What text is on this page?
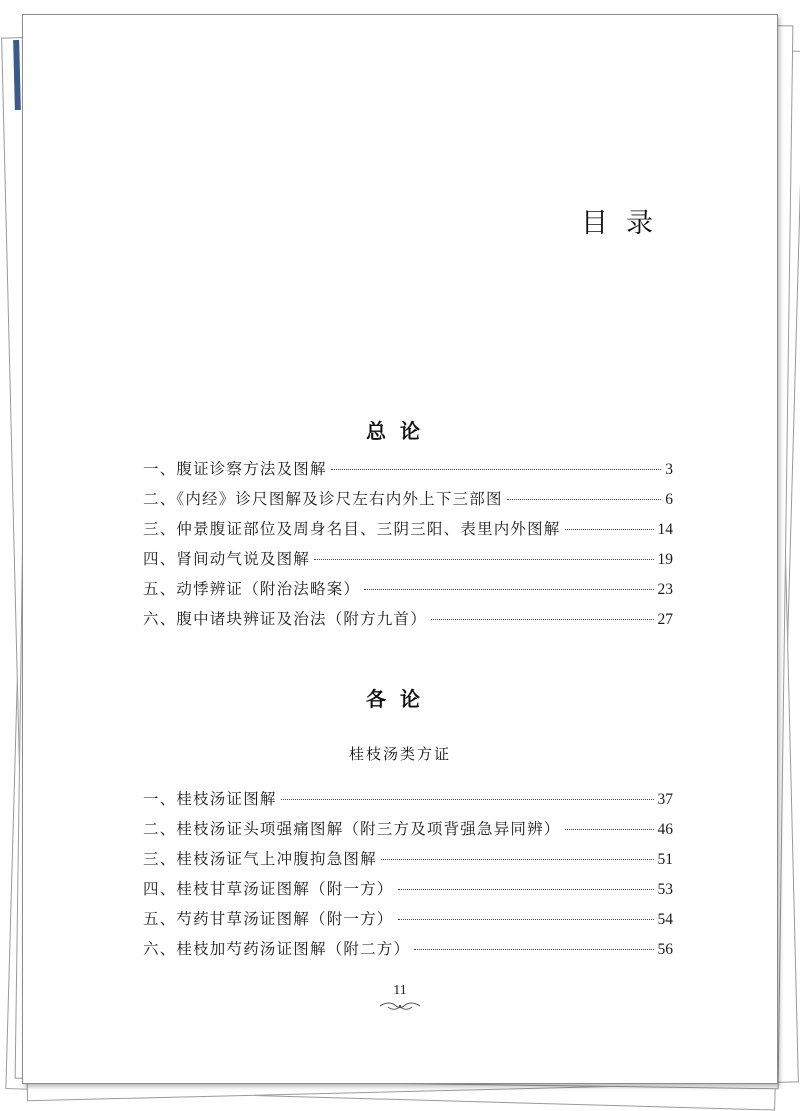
目录
总论
一、腹证诊察方法及图解	3
二、《内经》诊尺图解及诊尺左右内外上下三部图	6
三、仲景腹证部位及周身名目、三阴三阳、表里内外图解	14
四、肾间动气说及图解	19
五、动悸辨证（附治法略案）	23
六、腹中诸块辨证及治法（附方九首）	27
各论
桂枝汤类方证
一、桂枝汤证图解	37
二、桂枝汤证头项强痛图解（附三方及项背强急异同辨）	46
三、桂枝汤证气上冲腹拘急图解	51
四、桂枝甘草汤证图解（附一方）	53
五、芍药甘草汤证图解（附一方）	54
六、桂枝加芍药汤证图解（附二方）	56
11
